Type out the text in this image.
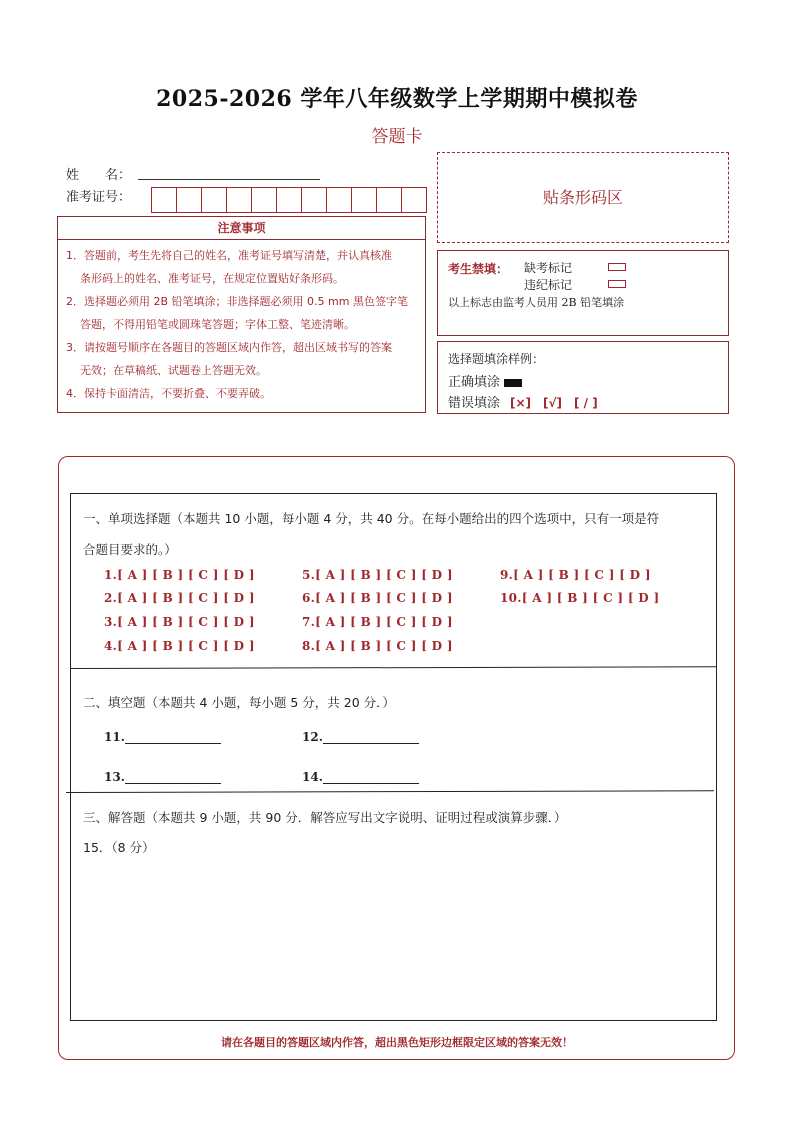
2025-2026 学年八年级数学上学期期中模拟卷
答题卡
姓　　名：
准考证号：
注意事项

1．答题前，考生先将自己的姓名，准考证号填写清楚，并认真核准

条形码上的姓名、准考证号，在规定位置贴好条形码。

2．选择题必须用 2B 铅笔填涂；非选择题必须用 0.5 mm 黑色签字笔

答题，不得用铅笔或圆珠笔答题；字体工整、笔迹清晰。

3．请按题号顺序在各题目的答题区域内作答，超出区域书写的答案

无效；在草稿纸、试题卷上答题无效。

4．保持卡面清洁，不要折叠、不要弄破。

贴条形码区
考生禁填： 缺考标记
违纪标记
以上标志由监考人员用 2B 铅笔填涂
选择题填涂样例：
正确填涂
错误填涂 [×]　[√]　[ / ]
一、单项选择题（本题共 10 小题，每小题 4 分，共 40 分。在每小题给出的四个选项中，只有一项是符
合题目要求的。）
1.[ A ] [ B ] [ C ] [ D ]
2.[ A ] [ B ] [ C ] [ D ]
3.[ A ] [ B ] [ C ] [ D ]
4.[ A ] [ B ] [ C ] [ D ]
5.[ A ] [ B ] [ C ] [ D ]
6.[ A ] [ B ] [ C ] [ D ]
7.[ A ] [ B ] [ C ] [ D ]
8.[ A ] [ B ] [ C ] [ D ]
9.[ A ] [ B ] [ C ] [ D ]
10.[ A ] [ B ] [ C ] [ D ]
二、填空题（本题共 4 小题，每小题 5 分，共 20 分．）
11.	12.
13.	14.
三、解答题（本题共 9 小题，共 90 分．解答应写出文字说明、证明过程或演算步骤．）
15．（8 分）
请在各题目的答题区域内作答，超出黑色矩形边框限定区域的答案无效！
